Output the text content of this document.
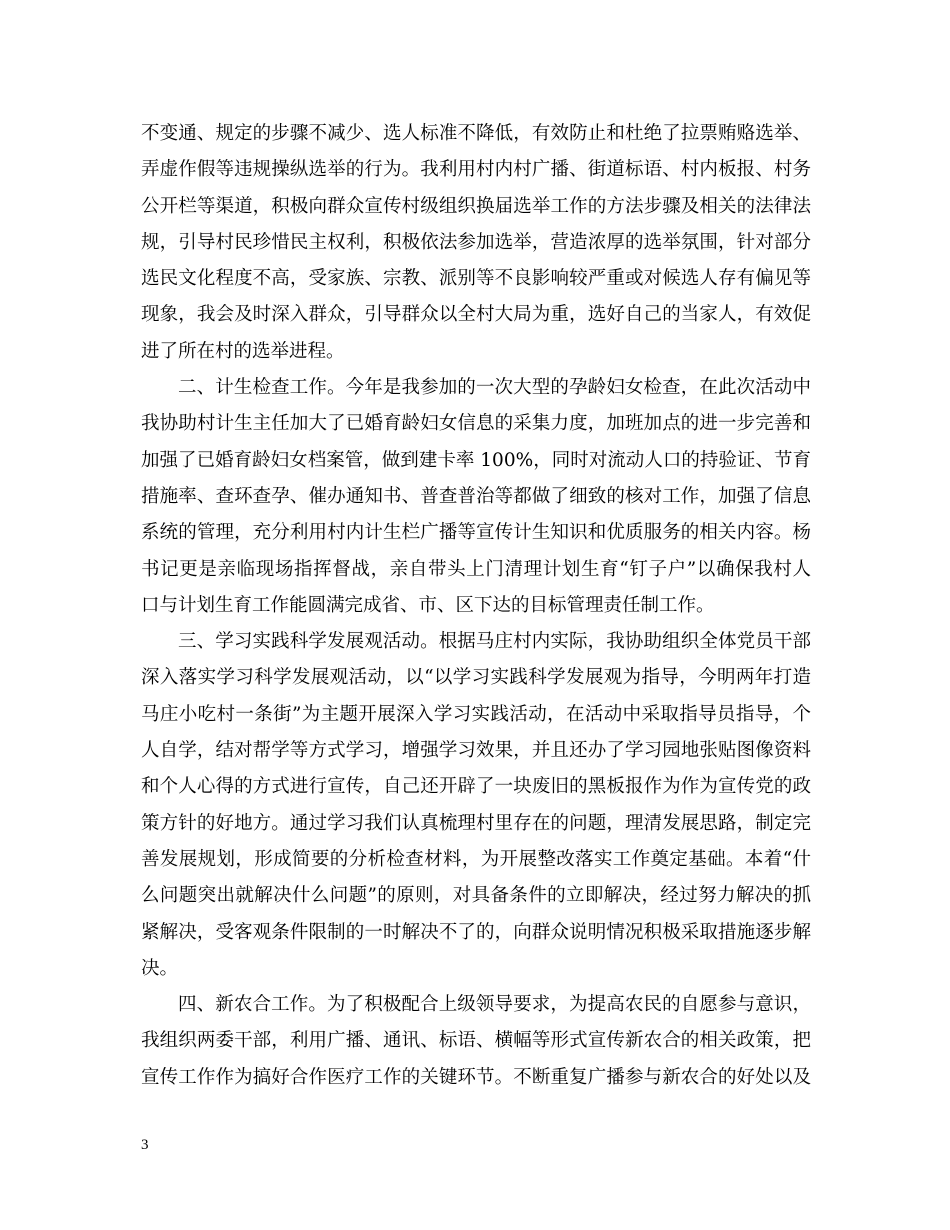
不变通、规定的步骤不减少、选人标准不降低，有效防止和杜绝了拉票贿赂选举、
弄虚作假等违规操纵选举的行为。我利用村内村广播、街道标语、村内板报、村务
公开栏等渠道，积极向群众宣传村级组织换届选举工作的方法步骤及相关的法律法
规，引导村民珍惜民主权利，积极依法参加选举，营造浓厚的选举氛围，针对部分
选民文化程度不高，受家族、宗教、派别等不良影响较严重或对候选人存有偏见等
现象，我会及时深入群众，引导群众以全村大局为重，选好自己的当家人，有效促
进了所在村的选举进程。
二、计生检查工作。今年是我参加的一次大型的孕龄妇女检查，在此次活动中
我协助村计生主任加大了已婚育龄妇女信息的采集力度，加班加点的进一步完善和
加强了已婚育龄妇女档案管，做到建卡率 100%，同时对流动人口的持验证、节育
措施率、查环查孕、催办通知书、普查普治等都做了细致的核对工作，加强了信息
系统的管理，充分利用村内计生栏广播等宣传计生知识和优质服务的相关内容。杨
书记更是亲临现场指挥督战，亲自带头上门清理计划生育“钉子户”以确保我村人
口与计划生育工作能圆满完成省、市、区下达的目标管理责任制工作。
三、学习实践科学发展观活动。根据马庄村内实际，我协助组织全体党员干部
深入落实学习科学发展观活动，以“以学习实践科学发展观为指导，今明两年打造
马庄小吃村一条街”为主题开展深入学习实践活动，在活动中采取指导员指导，个
人自学，结对帮学等方式学习，增强学习效果，并且还办了学习园地张贴图像资料
和个人心得的方式进行宣传，自己还开辟了一块废旧的黑板报作为作为宣传党的政
策方针的好地方。通过学习我们认真梳理村里存在的问题，理清发展思路，制定完
善发展规划，形成简要的分析检查材料，为开展整改落实工作奠定基础。本着“什
么问题突出就解决什么问题”的原则，对具备条件的立即解决，经过努力解决的抓
紧解决，受客观条件限制的一时解决不了的，向群众说明情况积极采取措施逐步解
决。
四、新农合工作。为了积极配合上级领导要求，为提高农民的自愿参与意识，
我组织两委干部，利用广播、通讯、标语、横幅等形式宣传新农合的相关政策，把
宣传工作作为搞好合作医疗工作的关键环节。不断重复广播参与新农合的好处以及
3
